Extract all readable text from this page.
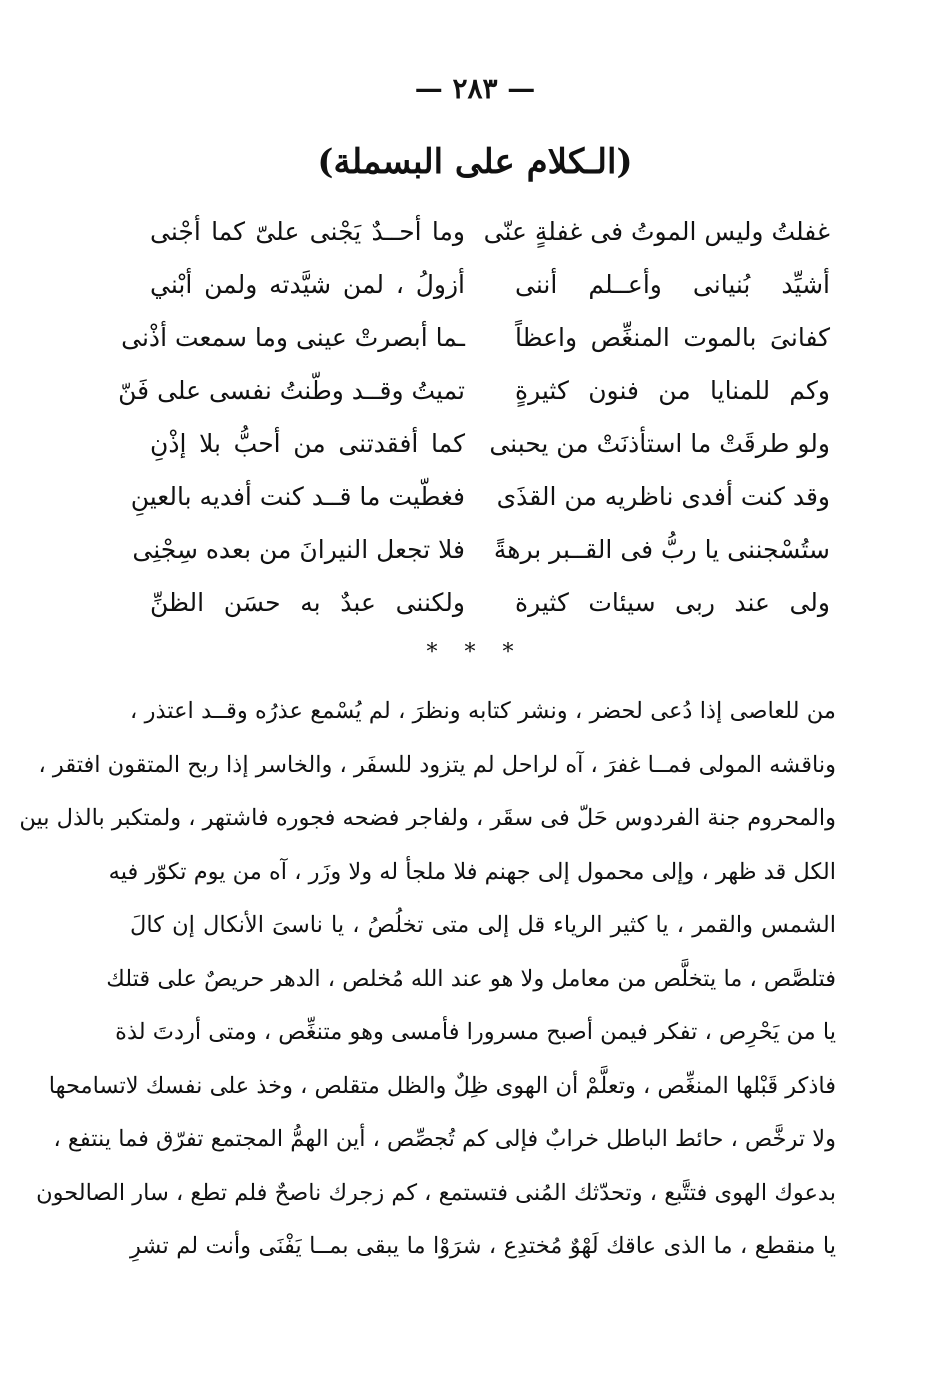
— ٢٨٣ —
(الـكلام على البسملة)
غفلتُ وليس الموتُ فى غفلةٍ عنّى
وما أحــدٌ يَجْنى علىّ كما أجْنى
أشيِّد بُنيانى وأعــلم أننى
أزولُ ، لمن شيَّدته ولمن أبْني
كفانىَ بالموت المنغِّص واعظاً
ـما أبصرتْ عينى وما سمعت أذْنى
وكم للمنايا من فنون كثيرةٍ
تميتُ وقــد وطّنتُ نفسى على فَنّ
ولو طرقَتْ ما استأذنَتْ من يحبنى
كما أفقدتنى من أحبُّ بلا إذْنِ
وقد كنت أفدى ناظريه من القذَى
فغطّيت ما قــد كنت أفديه بالعينِ
ستُسْجننى يا ربُّ فى القــبر برهةً
فلا تجعل النيرانَ من بعده سِجْنِى
ولى عند ربى سيئات كثيرة
ولكننى عبدٌ به حسَن الظنِّ
* * *
من للعاصى إذا دُعى لحضر ، ونشر كتابه ونظرَ ، لم يُسْمع عذرُه وقــد اعتذر ،
وناقشه المولى فمــا غفرَ ، آه لراحل لم يتزود للسفَر ، والخاسر إذا ربح المتقون افتقر ،
والمحروم جنة الفردوس حَلّ فى سقَر ، ولفاجر فضحه فجوره فاشتهر ، ولمتكبر بالذل بين
الكل قد ظهر ، وإلى محمول إلى جهنم فلا ملجأ له ولا وزَر ، آه من يوم تكوّر فيه
الشمس والقمر ، يا كثير الرياء قل إلى متى تخلُصُ ، يا ناسىَ الأنكال إن كالَ
فتلصَّص ، ما يتخلَّص من معامل ولا هو عند الله مُخلص ، الدهر حريصٌ على قتلك
يا من يَحْرِص ، تفكر فيمن أصبح مسرورا فأمسى وهو متنغِّص ، ومتى أردتَ لذة
فاذكر قَبْلها المنغِّص ، وتعلَّمْ أن الهوى ظِلٌ والظل متقلص ، وخذ على نفسك لاتسامحها
ولا ترخَّص ، حائط الباطل خرابٌ فإلى كم تُجصِّص ، أين الهمُّ المجتمع تفرّق فما ينتفع ،
بدعوك الهوى فتتَّبع ، وتحدّثك المُنى فتستمع ، كم زجرك ناصحٌ فلم تطع ، سار الصالحون
يا منقطع ، ما الذى عاقك لَهْوٌ مُختدِع ، شرَوْا ما يبقى بمــا يَفْنَى وأنت لم تشرِ
